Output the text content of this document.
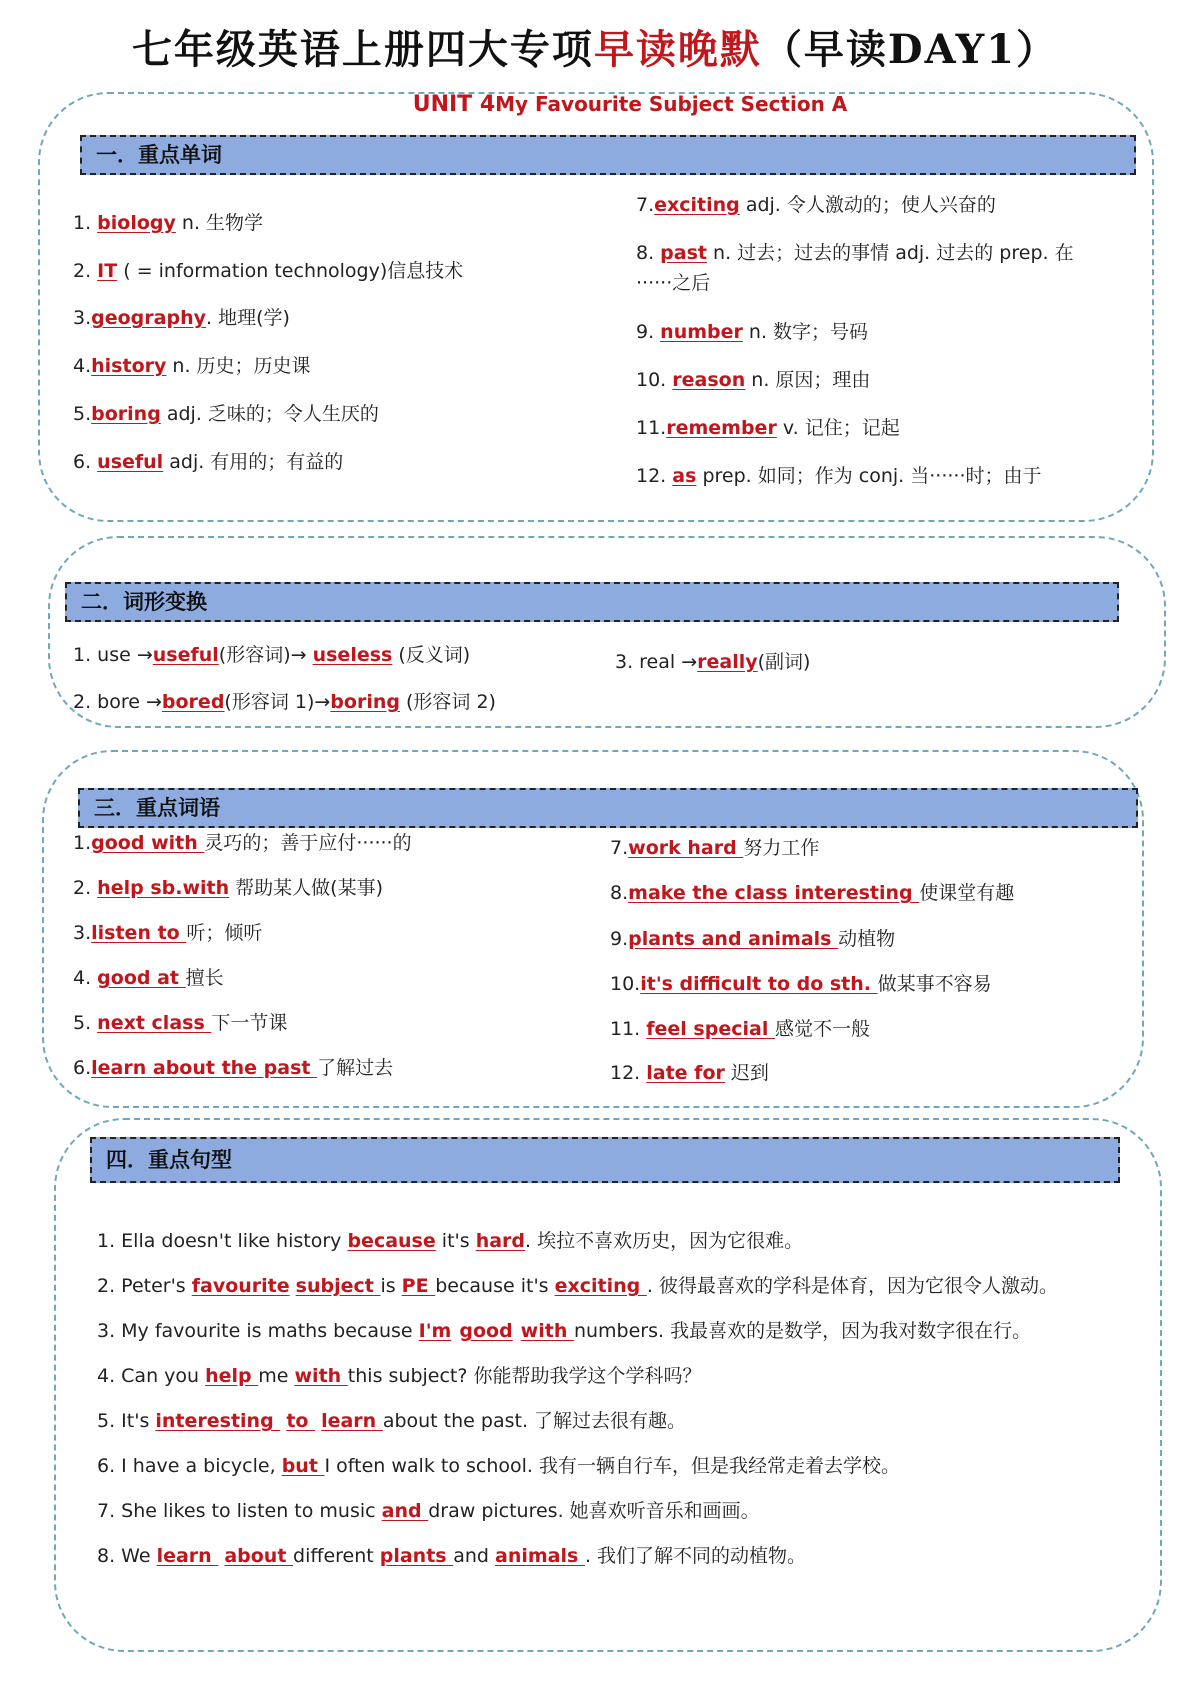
七年级英语上册四大专项早读晚默（早读DAY1）
UNIT 4My Favourite Subject Section A
一．重点单词
1. biology n. 生物学
2. IT ( = information technology)信息技术
3.geography. 地理(学)
4.history n. 历史；历史课
5.boring adj. 乏味的；令人生厌的
6. useful adj. 有用的；有益的
7.exciting adj. 令人激动的；使人兴奋的
8. past n. 过去；过去的事情 adj. 过去的 prep. 在······之后
9. number n. 数字；号码
10. reason n. 原因；理由
11.remember v. 记住；记起
12. as prep. 如同；作为 conj. 当······时；由于
二．词形变换
1. use →useful(形容词)→ useless (反义词)
2. bore →bored(形容词 1)→boring (形容词 2)
3. real →really(副词)
三．重点词语
1.good with 灵巧的；善于应付······的
2. help sb.with 帮助某人做(某事)
3.listen to 听；倾听
4. good at 擅长
5. next class 下一节课
6.learn about the past 了解过去
7.work hard 努力工作
8.make the class interesting 使课堂有趣
9.plants and animals 动植物
10.it's difficult to do sth. 做某事不容易
11. feel special 感觉不一般
12. late for 迟到
四．重点句型
1. Ella doesn't like history because it's hard. 埃拉不喜欢历史，因为它很难。
2. Peter's favourite subject is PE because it's exciting . 彼得最喜欢的学科是体育，因为它很令人激动。
3. My favourite is maths because I'm good with numbers. 我最喜欢的是数学，因为我对数字很在行。
4. Can you help me with this subject? 你能帮助我学这个学科吗？
5. It's interesting to learn about the past. 了解过去很有趣。
6. I have a bicycle, but I often walk to school. 我有一辆自行车，但是我经常走着去学校。
7. She likes to listen to music and draw pictures. 她喜欢听音乐和画画。
8. We learn about different plants and animals . 我们了解不同的动植物。
